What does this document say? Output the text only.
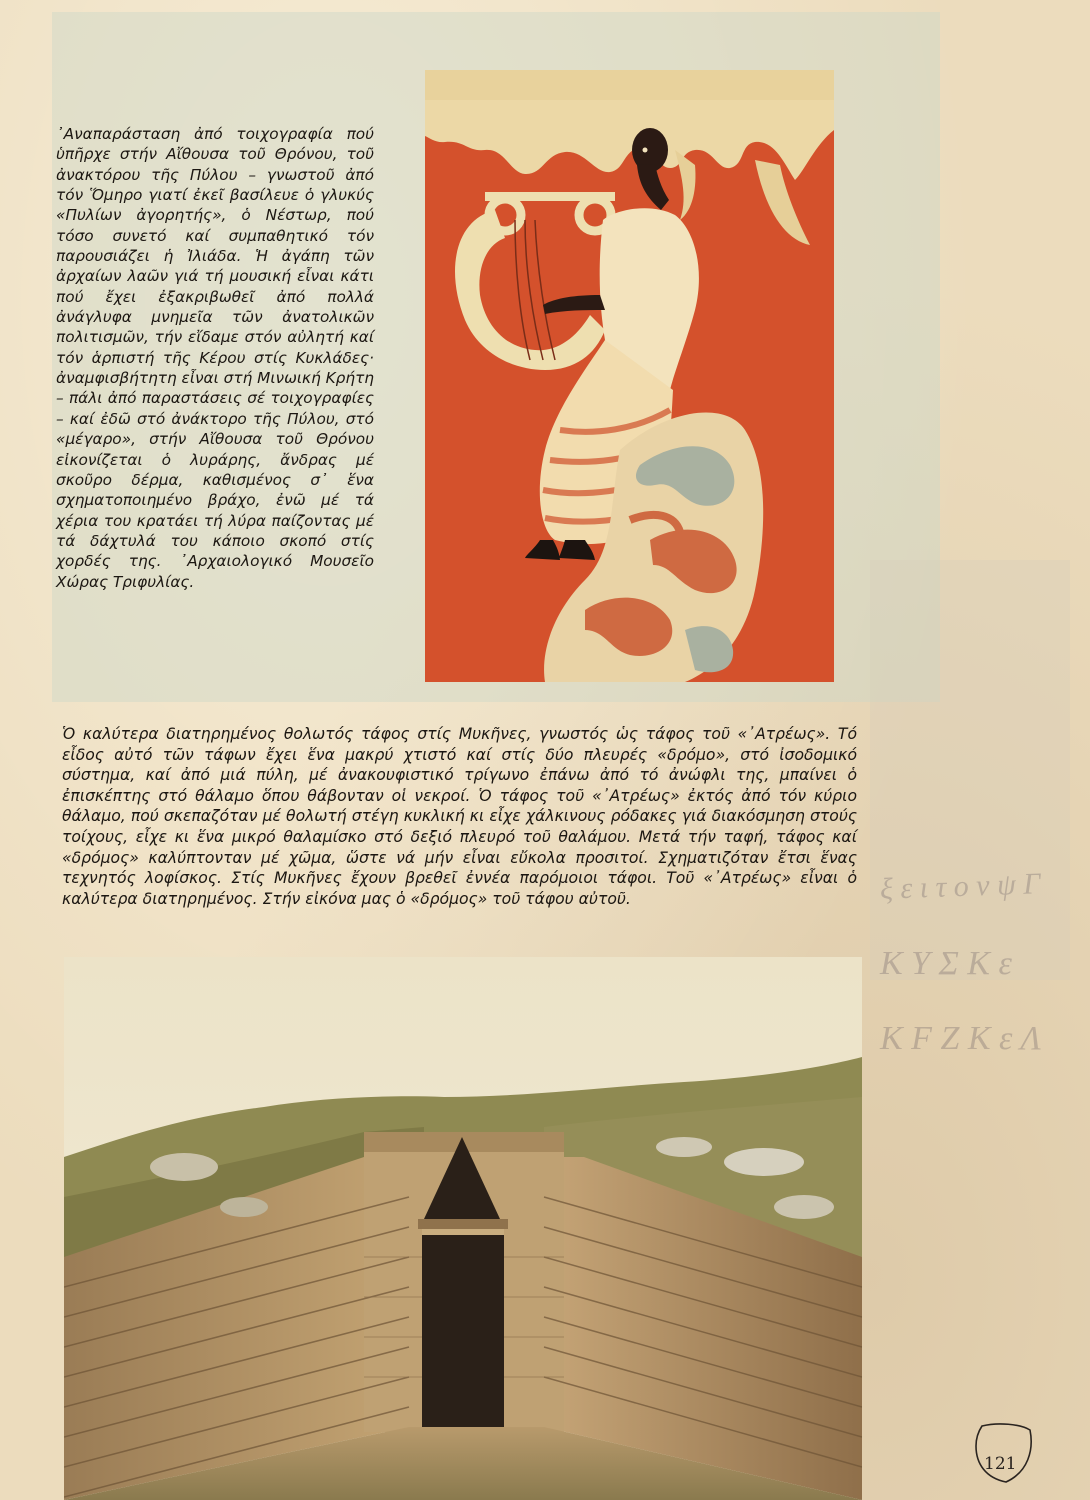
ξ ε ι τ ο ν ψ Γ
K Y Σ Κ ε
K F Z K ε Λ
᾿Αναπαράσταση ἀπό τοιχογραφία πού ὑπῆρχε στήν Αἴθουσα τοῦ Θρόνου, τοῦ ἀνακτόρου τῆς Πύλου – γνωστοῦ ἀπό τόν Ὅμηρο γιατί ἐκεῖ βασίλευε ὁ γλυκύς «Πυλίων ἀγορητής», ὁ Νέστωρ, πού τόσο συνετό καί συμπαθητικό τόν παρουσιάζει ἡ Ἰλιάδα. Ἡ ἀγάπη τῶν ἀρχαίων λαῶν γιά τή μουσική εἶναι κάτι πού ἔχει ἐξακριβωθεῖ ἀπό πολλά ἀνάγλυφα μνημεῖα τῶν ἀνατολικῶν πολιτισμῶν, τήν εἴδαμε στόν αὐλητή καί τόν ἁρπιστή τῆς Κέρου στίς Κυκλάδες· ἀναμφισβήτητη εἶναι στή Μινωική Κρήτη – πάλι ἀπό παραστάσεις σέ τοιχογραφίες – καί ἐδῶ στό ἀνάκτορο τῆς Πύλου, στό «μέγαρο», στήν Αἴθουσα τοῦ Θρόνου εἰκονίζεται ὁ λυράρης, ἄνδρας μέ σκοῦρο δέρμα, καθισμένος σ᾿ ἕνα σχηματοποιημένο βράχο, ἐνῶ μέ τά χέρια του κρατάει τή λύρα παίζοντας μέ τά δάχτυλά του κάποιο σκοπό στίς χορδές της. ᾿Αρχαιολογικό Μουσεῖο Χώρας Τριφυλίας.
Ὁ καλύτερα διατηρημένος θολωτός τάφος στίς Μυκῆνες, γνωστός ὡς τάφος τοῦ «᾿Ατρέως». Τό εἶδος αὐτό τῶν τάφων ἔχει ἕνα μακρύ χτιστό καί στίς δύο πλευρές «δρόμο», στό ἰσοδομικό σύστημα, καί ἀπό μιά πύλη, μέ ἀνακουφιστικό τρίγωνο ἐπάνω ἀπό τό ἀνώφλι της, μπαίνει ὁ ἐπισκέπτης στό θάλαμο ὅπου θάβονταν οἱ νεκροί. Ὁ τάφος τοῦ «᾿Ατρέως» ἐκτός ἀπό τόν κύριο θάλαμο, πού σκεπαζόταν μέ θολωτή στέγη κυκλική κι εἶχε χάλκινους ρόδακες γιά διακόσμηση στούς τοίχους, εἶχε κι ἕνα μικρό θαλαμίσκο στό δεξιό πλευρό τοῦ θαλάμου. Μετά τήν ταφή, τάφος καί «δρόμος» καλύπτονταν μέ χῶμα, ὥστε νά μήν εἶναι εὔκολα προσιτοί. Σχηματιζόταν ἔτσι ἕνας τεχνητός λοφίσκος. Στίς Μυκῆνες ἔχουν βρεθεῖ ἐννέα παρόμοιοι τάφοι. Τοῦ «᾿Ατρέως» εἶναι ὁ καλύτερα διατηρημένος. Στήν εἰκόνα μας ὁ «δρόμος» τοῦ τάφου αὐτοῦ.
121
